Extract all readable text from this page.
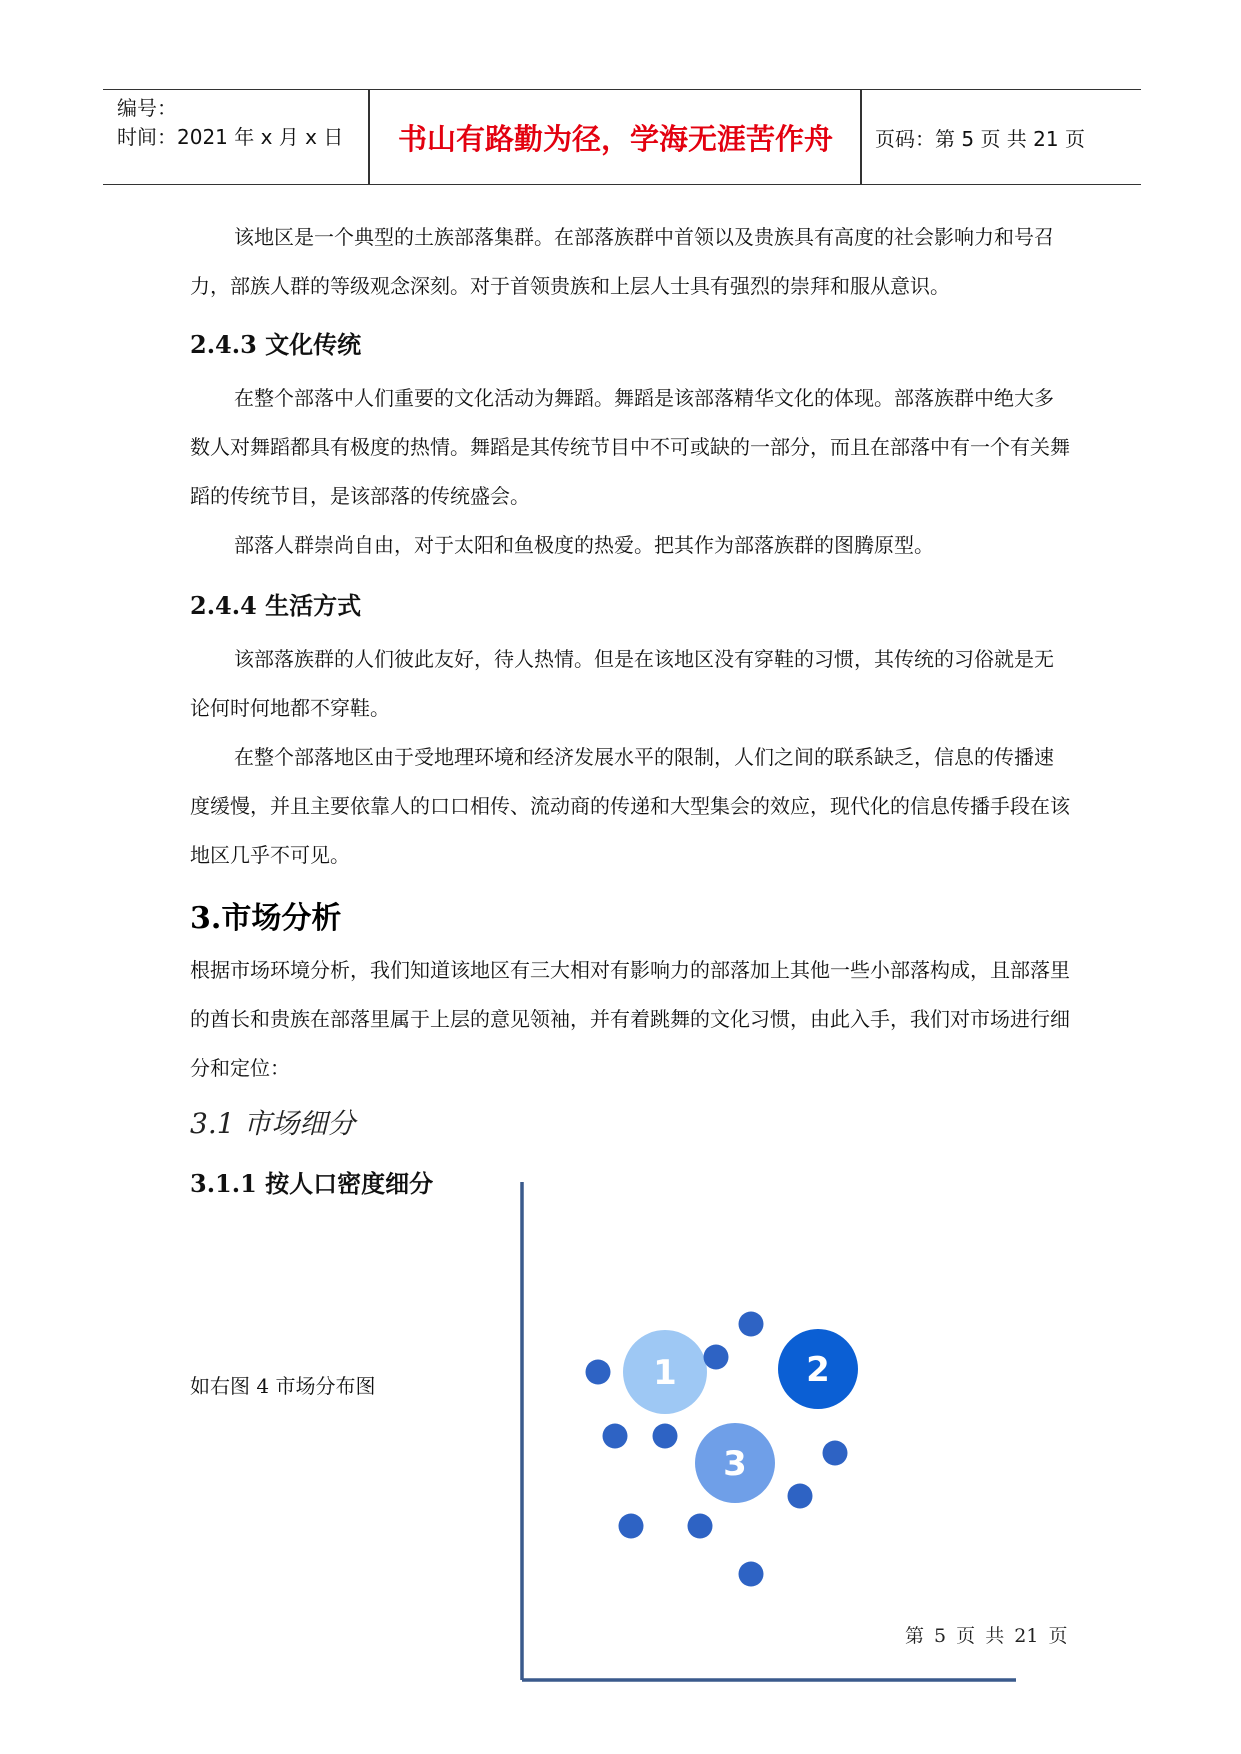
编号：
时间：2021 年 x 月 x 日	书山有路勤为径，学海无涯苦作舟	页码：第 5 页 共 21 页
该地区是一个典型的土族部落集群。在部落族群中首领以及贵族具有高度的社会影响力和号召力，部族人群的等级观念深刻。对于首领贵族和上层人士具有强烈的崇拜和服从意识。
2.4.3 文化传统
在整个部落中人们重要的文化活动为舞蹈。舞蹈是该部落精华文化的体现。部落族群中绝大多数人对舞蹈都具有极度的热情。舞蹈是其传统节目中不可或缺的一部分，而且在部落中有一个有关舞蹈的传统节目，是该部落的传统盛会。
部落人群崇尚自由，对于太阳和鱼极度的热爱。把其作为部落族群的图腾原型。
2.4.4 生活方式
该部落族群的人们彼此友好，待人热情。但是在该地区没有穿鞋的习惯，其传统的习俗就是无论何时何地都不穿鞋。
在整个部落地区由于受地理环境和经济发展水平的限制，人们之间的联系缺乏，信息的传播速度缓慢，并且主要依靠人的口口相传、流动商的传递和大型集会的效应，现代化的信息传播手段在该地区几乎不可见。
3.市场分析
根据市场环境分析，我们知道该地区有三大相对有影响力的部落加上其他一些小部落构成，且部落里的酋长和贵族在部落里属于上层的意见领袖，并有着跳舞的文化习惯，由此入手，我们对市场进行细分和定位：
3.1 市场细分
3.1.1 按人口密度细分
如右图 4 市场分布图	1	2
3
第 5 页 共 21 页
